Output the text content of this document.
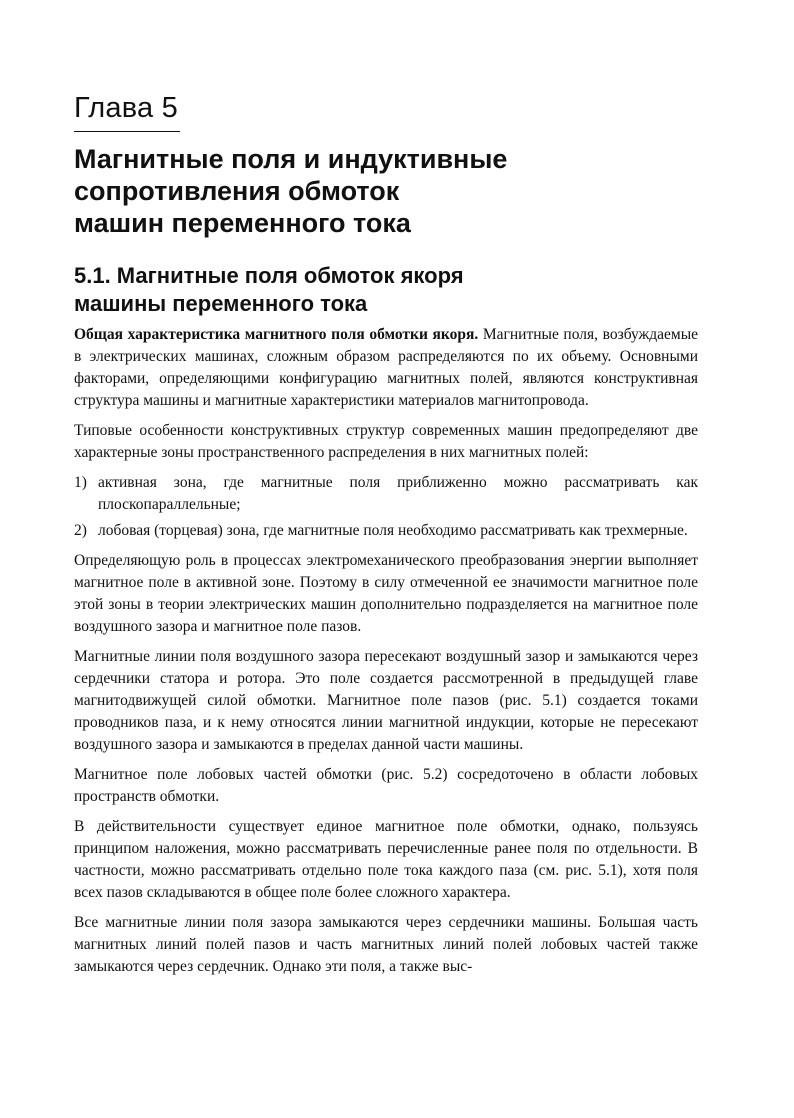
Глава 5
Магнитные поля и индуктивные
сопротивления обмоток
машин переменного тока
5.1. Магнитные поля обмоток якоря
машины переменного тока

Общая характеристика магнитного поля обмотки якоря. Магнитные поля, возбуждаемые в электрических машинах, сложным образом распределяются по их объему. Основными факторами, определяющими конфигурацию магнитных полей, являются конструктивная структура машины и магнитные характеристики материалов магнитопровода.

Типовые особенности конструктивных структур современных машин предопределяют две характерные зоны пространственного распределения в них магнитных полей:

1) активная зона, где магнитные поля приближенно можно рассматривать как плоскопараллельные;
2) лобовая (торцевая) зона, где магнитные поля необходимо рассматривать как трехмерные.

Определяющую роль в процессах электромеханического преобразования энергии выполняет магнитное поле в активной зоне. Поэтому в силу отмеченной ее значимости магнитное поле этой зоны в теории электрических машин дополнительно подразделяется на магнитное поле воздушного зазора и магнитное поле пазов.

Магнитные линии поля воздушного зазора пересекают воздушный зазор и замыкаются через сердечники статора и ротора. Это поле создается рассмотренной в предыдущей главе магнитодвижущей силой обмотки. Магнитное поле пазов (рис. 5.1) создается токами проводников паза, и к нему относятся линии магнитной индукции, которые не пересекают воздушного зазора и замыкаются в пределах данной части машины.

Магнитное поле лобовых частей обмотки (рис. 5.2) сосредоточено в области лобовых пространств обмотки.

В действительности существует единое магнитное поле обмотки, однако, пользуясь принципом наложения, можно рассматривать перечисленные ранее поля по отдельности. В частности, можно рассматривать отдельно поле тока каждого паза (см. рис. 5.1), хотя поля всех пазов складываются в общее поле более сложного характера.

Все магнитные линии поля зазора замыкаются через сердечники машины. Большая часть магнитных линий полей пазов и часть магнитных линий полей лобовых частей также замыкаются через сердечник. Однако эти поля, а также выс-
